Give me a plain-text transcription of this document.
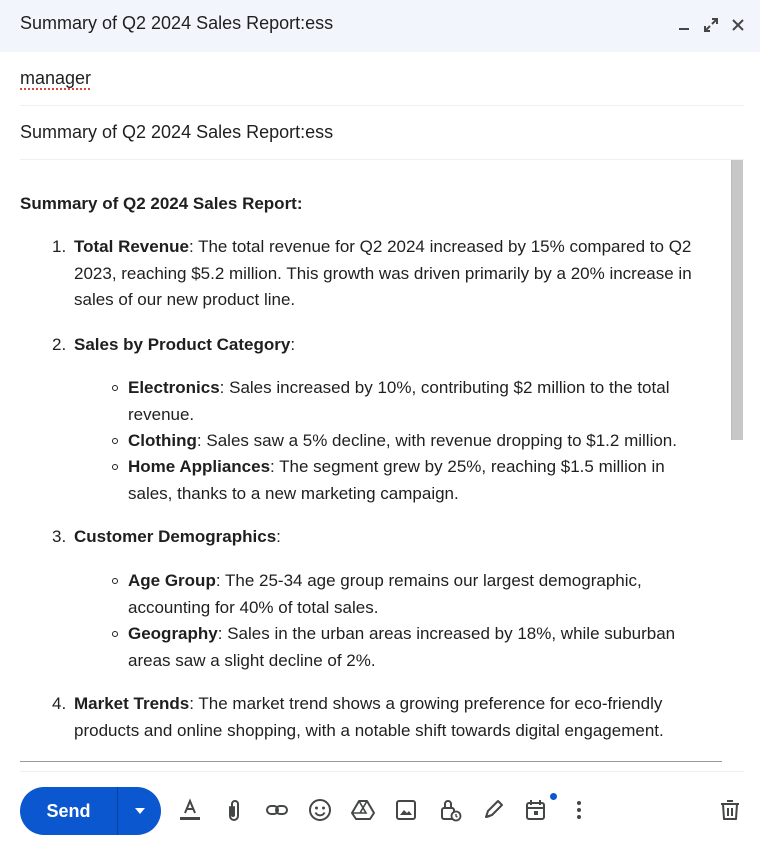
Summary of Q2 2024 Sales Report:ess
manager
Summary of Q2 2024 Sales Report:ess
Summary of Q2 2024 Sales Report:
1. Total Revenue: The total revenue for Q2 2024 increased by 15% compared to Q2
2023, reaching $5.2 million. This growth was driven primarily by a 20% increase in
sales of our new product line.
2. Sales by Product Category:
Electronics: Sales increased by 10%, contributing $2 million to the total
revenue.
Clothing: Sales saw a 5% decline, with revenue dropping to $1.2 million.
Home Appliances: The segment grew by 25%, reaching $1.5 million in
sales, thanks to a new marketing campaign.
3. Customer Demographics:
Age Group: The 25-34 age group remains our largest demographic,
accounting for 40% of total sales.
Geography: Sales in the urban areas increased by 18%, while suburban
areas saw a slight decline of 2%.
4. Market Trends: The market trend shows a growing preference for eco-friendly
products and online shopping, with a notable shift towards digital engagement.
Send
